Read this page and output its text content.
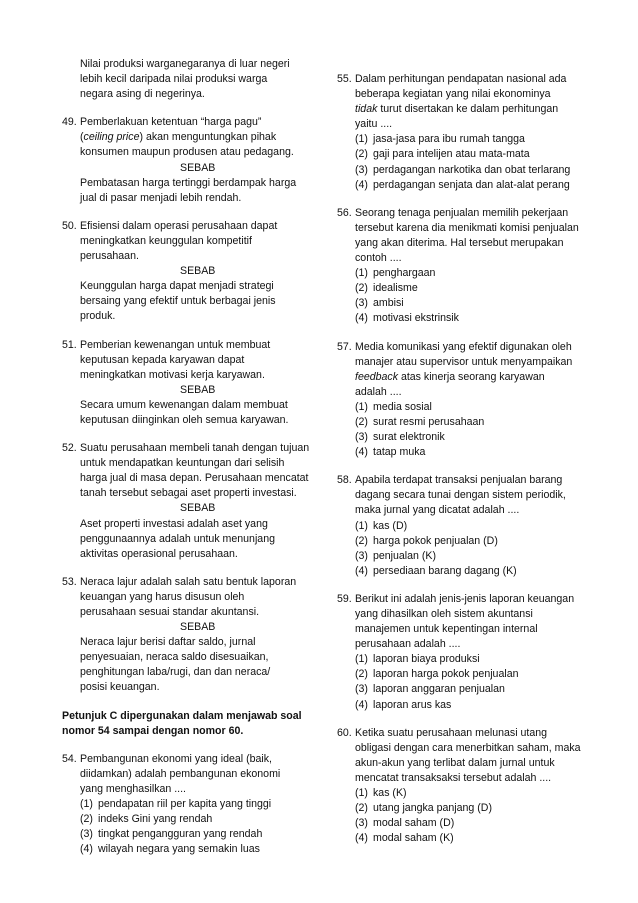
Nilai produksi warganegaranya di luar negeri
lebih kecil daripada nilai produksi warga
negara asing di negerinya.
49. Pemberlakuan ketentuan “harga pagu”
(ceiling price) akan menguntungkan pihak
konsumen maupun produsen atau pedagang.
SEBAB
Pembatasan harga tertinggi berdampak harga
jual di pasar menjadi lebih rendah.
50. Efisiensi dalam operasi perusahaan dapat
meningkatkan keunggulan kompetitif
perusahaan.
SEBAB
Keunggulan harga dapat menjadi strategi
bersaing yang efektif untuk berbagai jenis
produk.
51. Pemberian kewenangan untuk membuat
keputusan kepada karyawan dapat
meningkatkan motivasi kerja karyawan.
SEBAB
Secara umum kewenangan dalam membuat
keputusan diinginkan oleh semua karyawan.
52. Suatu perusahaan membeli tanah dengan tujuan
untuk mendapatkan keuntungan dari selisih
harga jual di masa depan. Perusahaan mencatat
tanah tersebut sebagai aset properti investasi.
SEBAB
Aset properti investasi adalah aset yang
penggunaannya adalah untuk menunjang
aktivitas operasional perusahaan.
53. Neraca lajur adalah salah satu bentuk laporan
keuangan yang harus disusun oleh
perusahaan sesuai standar akuntansi.
SEBAB
Neraca lajur berisi daftar saldo, jurnal
penyesuaian, neraca saldo disesuaikan,
penghitungan laba/rugi, dan dan neraca/
posisi keuangan.
Petunjuk C dipergunakan dalam menjawab soal
nomor 54 sampai dengan nomor 60.
54. Pembangunan ekonomi yang ideal (baik,
diidamkan) adalah pembangunan ekonomi
yang menghasilkan ....
(1) pendapatan riil per kapita yang tinggi
(2) indeks Gini yang rendah
(3) tingkat pengangguran yang rendah
(4) wilayah negara yang semakin luas
55. Dalam perhitungan pendapatan nasional ada
beberapa kegiatan yang nilai ekonominya
tidak turut disertakan ke dalam perhitungan
yaitu ....
(1) jasa-jasa para ibu rumah tangga
(2) gaji para intelijen atau mata-mata
(3) perdagangan narkotika dan obat terlarang
(4) perdagangan senjata dan alat-alat perang
56. Seorang tenaga penjualan memilih pekerjaan
tersebut karena dia menikmati komisi penjualan
yang akan diterima. Hal tersebut merupakan
contoh ....
(1) penghargaan
(2) idealisme
(3) ambisi
(4) motivasi ekstrinsik
57. Media komunikasi yang efektif digunakan oleh
manajer atau supervisor untuk menyampaikan
feedback atas kinerja seorang karyawan
adalah ....
(1) media sosial
(2) surat resmi perusahaan
(3) surat elektronik
(4) tatap muka
58. Apabila terdapat transaksi penjualan barang
dagang secara tunai dengan sistem periodik,
maka jurnal yang dicatat adalah ....
(1) kas (D)
(2) harga pokok penjualan (D)
(3) penjualan (K)
(4) persediaan barang dagang (K)
59. Berikut ini adalah jenis-jenis laporan keuangan
yang dihasilkan oleh sistem akuntansi
manajemen untuk kepentingan internal
perusahaan adalah ....
(1) laporan biaya produksi
(2) laporan harga pokok penjualan
(3) laporan anggaran penjualan
(4) laporan arus kas
60. Ketika suatu perusahaan melunasi utang
obligasi dengan cara menerbitkan saham, maka
akun-akun yang terlibat dalam jurnal untuk
mencatat transaksaksi tersebut adalah ....
(1) kas (K)
(2) utang jangka panjang (D)
(3) modal saham (D)
(4) modal saham (K)
